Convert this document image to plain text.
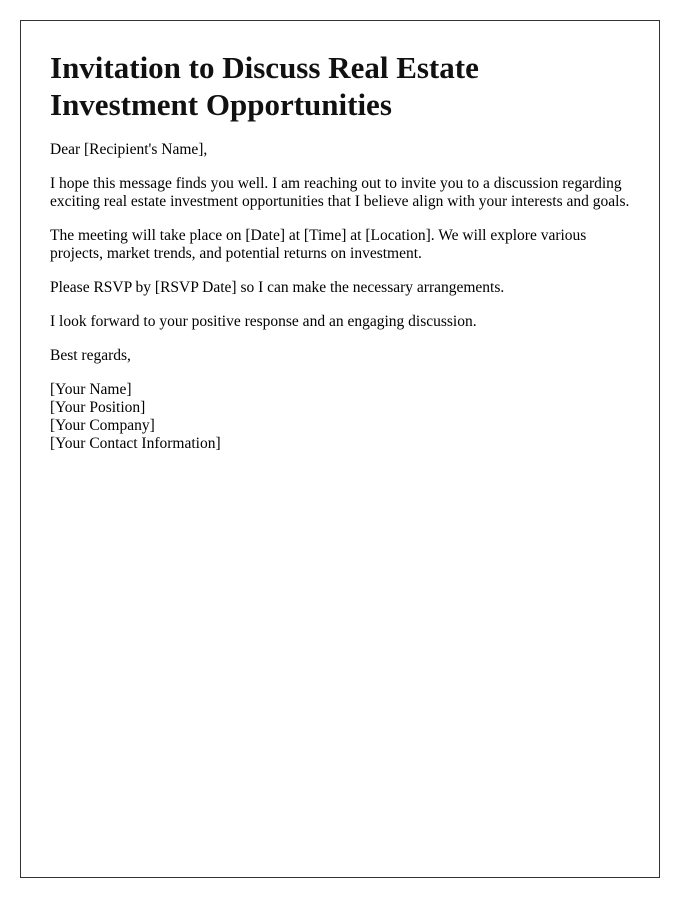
Invitation to Discuss Real Estate Investment Opportunities

Dear [Recipient's Name],

I hope this message finds you well. I am reaching out to invite you to a discussion regarding exciting real estate investment opportunities that I believe align with your interests and goals.

The meeting will take place on [Date] at [Time] at [Location]. We will explore various projects, market trends, and potential returns on investment.

Please RSVP by [RSVP Date] so I can make the necessary arrangements.

I look forward to your positive response and an engaging discussion.

Best regards,

[Your Name]
[Your Position]
[Your Company]
[Your Contact Information]
